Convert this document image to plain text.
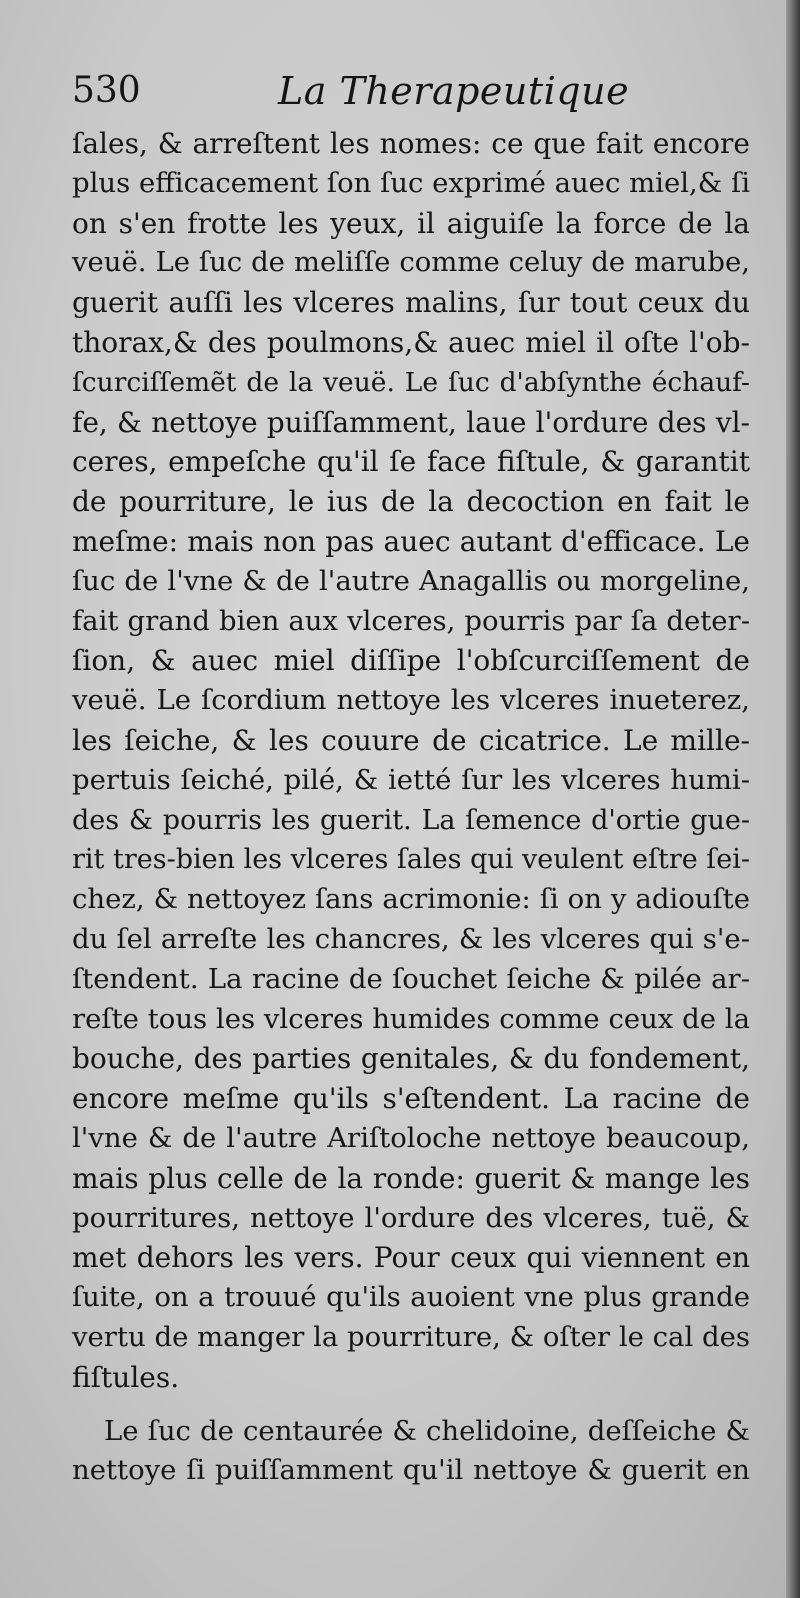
530	La Therapeutique
ſales, & arreſtent les nomes: ce que fait encore
plus efficacement ſon ſuc exprimé auec miel,& ſi
on s'en frotte les yeux, il aiguiſe la force de la
veuë. Le ſuc de meliſſe comme celuy de marube,
guerit auſſi les vlceres malins, ſur tout ceux du
thorax,& des poulmons,& auec miel il oſte l'ob-
ſcurciſſemẽt de la veuë. Le ſuc d'abſynthe échauf-
fe, & nettoye puiſſamment, laue l'ordure des vl-
ceres, empeſche qu'il ſe face fiſtule, & garantit
de pourriture, le ius de la decoction en fait le
meſme: mais non pas auec autant d'efficace. Le
ſuc de l'vne & de l'autre Anagallis ou morgeline,
fait grand bien aux vlceres, pourris par ſa deter-
ſion, & auec miel diſſipe l'obſcurciſſement de
veuë. Le ſcordium nettoye les vlceres inueterez,
les ſeiche, & les couure de cicatrice. Le mille-
pertuis ſeiché, pilé, & ietté ſur les vlceres humi-
des & pourris les guerit. La ſemence d'ortie gue-
rit tres-bien les vlceres ſales qui veulent eſtre ſei-
chez, & nettoyez ſans acrimonie: ſi on y adiouſte
du ſel arreſte les chancres, & les vlceres qui s'e-
ſtendent. La racine de ſouchet ſeiche & pilée ar-
reſte tous les vlceres humides comme ceux de la
bouche, des parties genitales, & du fondement,
encore meſme qu'ils s'eſtendent. La racine de
l'vne & de l'autre Ariſtoloche nettoye beaucoup,
mais plus celle de la ronde: guerit & mange les
pourritures, nettoye l'ordure des vlceres, tuë, &
met dehors les vers. Pour ceux qui viennent en
ſuite, on a trouué qu'ils auoient vne plus grande
vertu de manger la pourriture, & oſter le cal des
fiſtules.
Le ſuc de centaurée & chelidoine, deſſeiche &
nettoye ſi puiſſamment qu'il nettoye & guerit en
